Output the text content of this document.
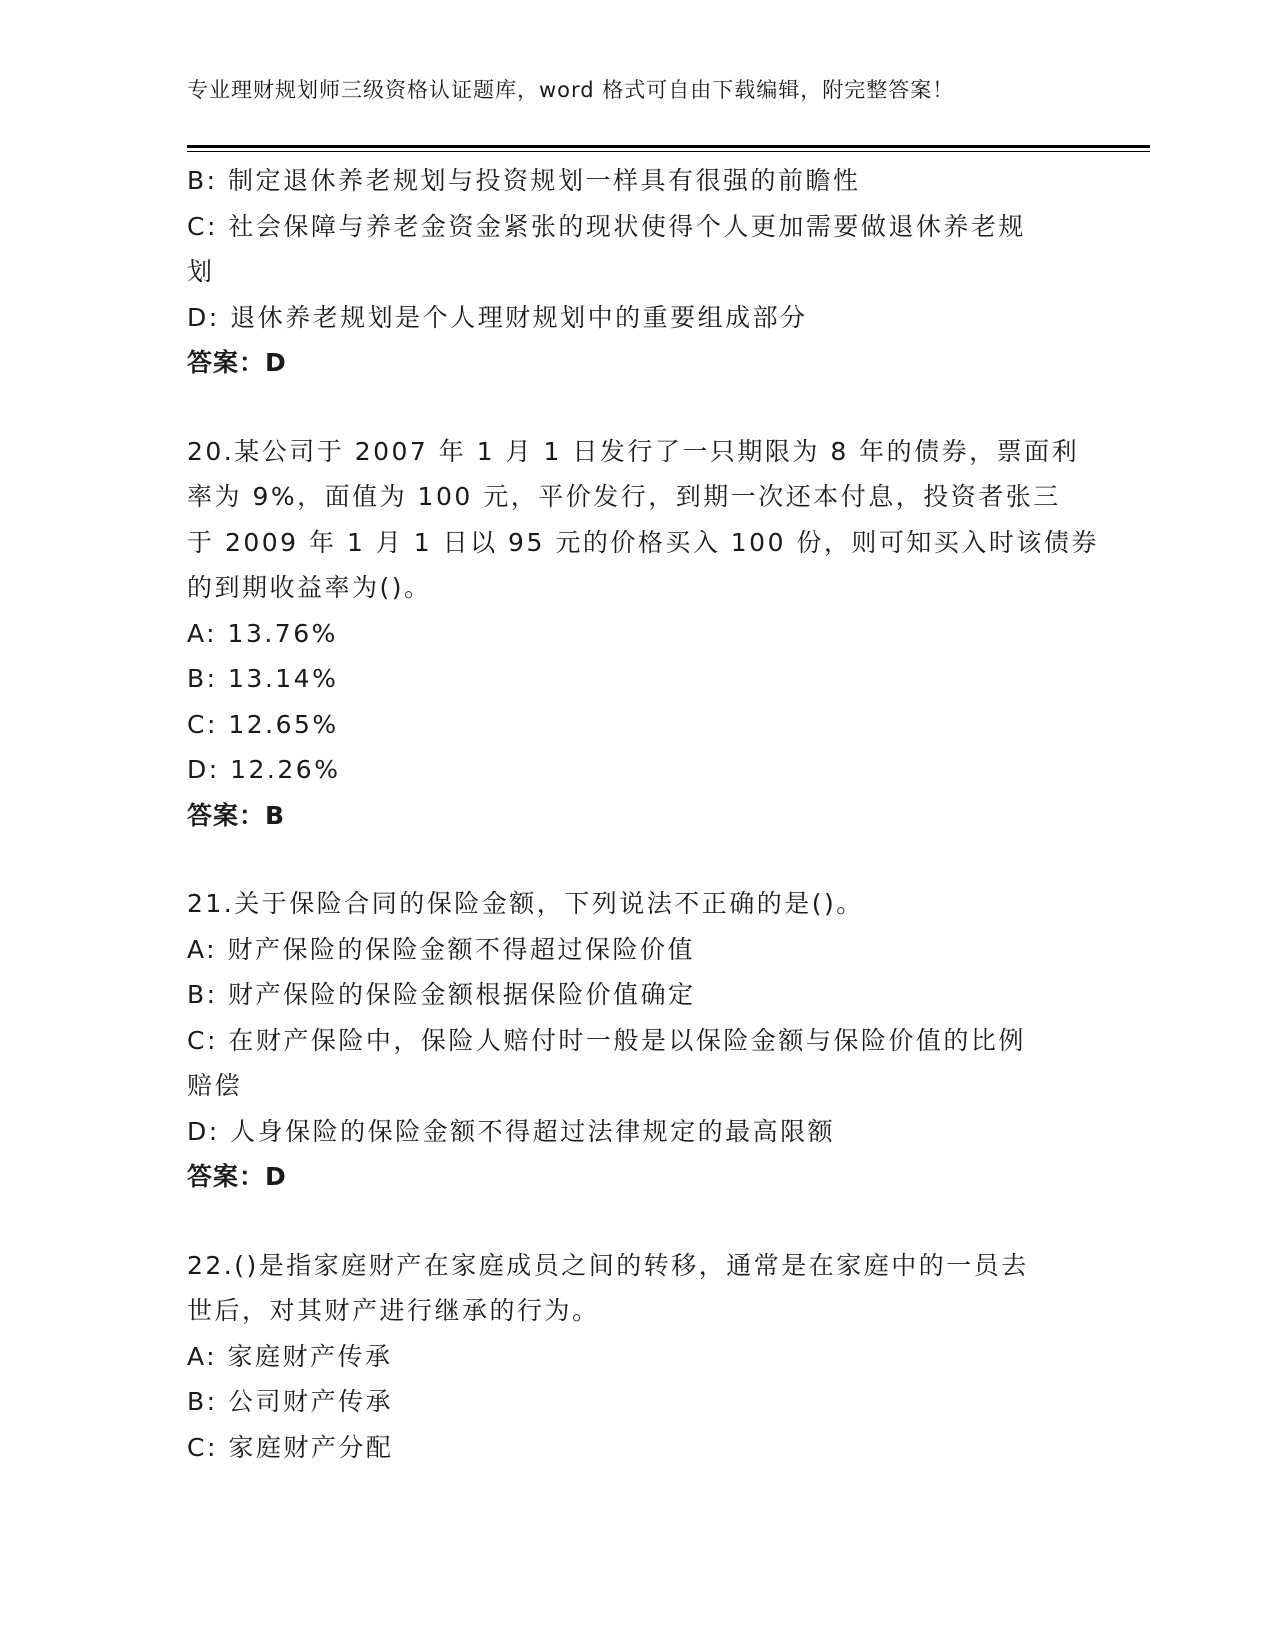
专业理财规划师三级资格认证题库，word 格式可自由下载编辑，附完整答案！
B: 制定退休养老规划与投资规划一样具有很强的前瞻性
C: 社会保障与养老金资金紧张的现状使得个人更加需要做退休养老规
划
D: 退休养老规划是个人理财规划中的重要组成部分
答案：D
20.某公司于 2007 年 1 月 1 日发行了一只期限为 8 年的债券，票面利
率为 9%，面值为 100 元，平价发行，到期一次还本付息，投资者张三
于 2009 年 1 月 1 日以 95 元的价格买入 100 份，则可知买入时该债券
的到期收益率为()。
A: 13.76%
B: 13.14%
C: 12.65%
D: 12.26%
答案：B
21.关于保险合同的保险金额，下列说法不正确的是()。
A: 财产保险的保险金额不得超过保险价值
B: 财产保险的保险金额根据保险价值确定
C: 在财产保险中，保险人赔付时一般是以保险金额与保险价值的比例
赔偿
D: 人身保险的保险金额不得超过法律规定的最高限额
答案：D
22.()是指家庭财产在家庭成员之间的转移，通常是在家庭中的一员去
世后，对其财产进行继承的行为。
A: 家庭财产传承
B: 公司财产传承
C: 家庭财产分配
